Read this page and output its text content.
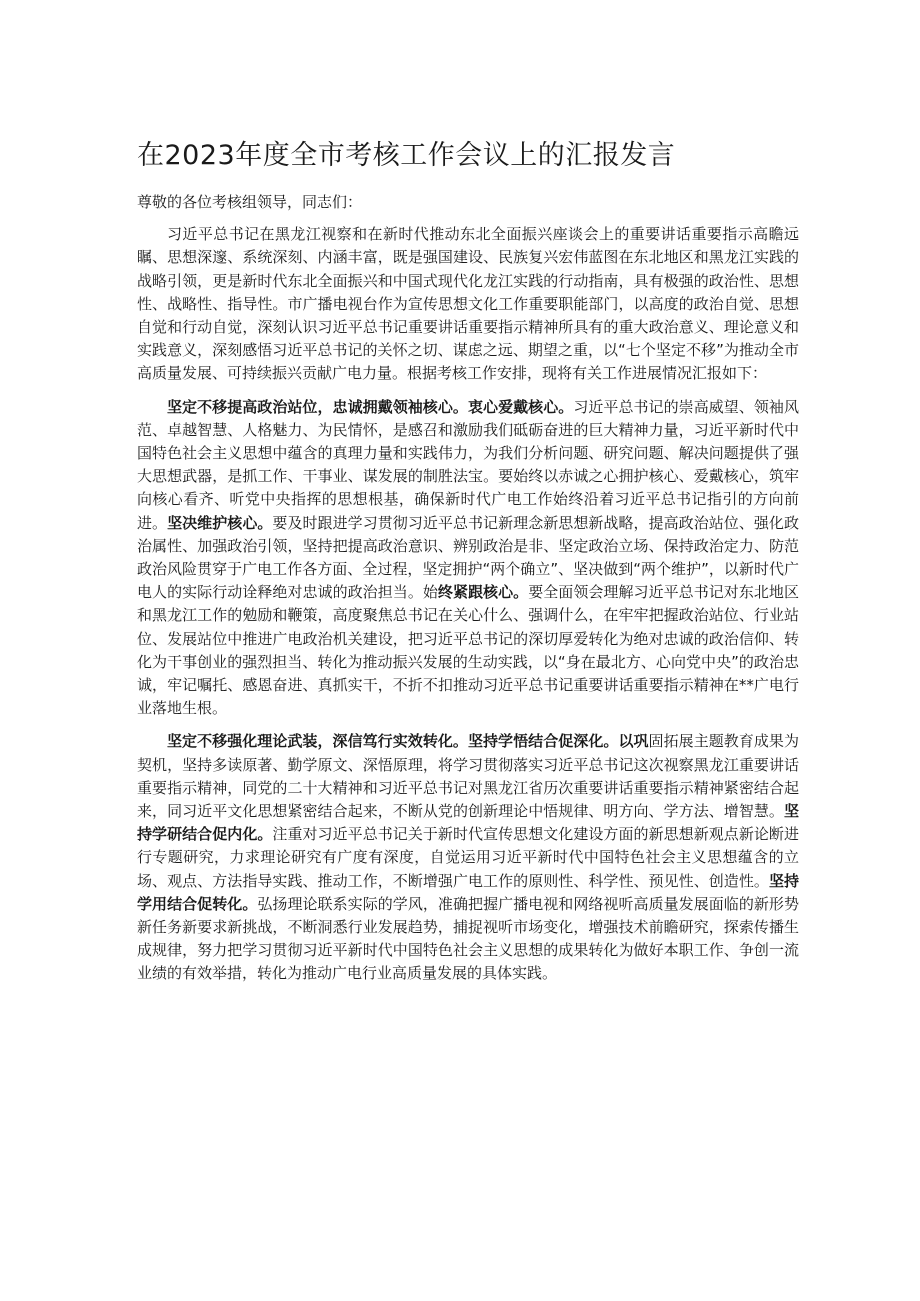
在2023年度全市考核工作会议上的汇报发言
尊敬的各位考核组领导，同志们：

习近平总书记在黑龙江视察和在新时代推动东北全面振兴座谈会上的重要讲话重要指示高瞻远瞩、思想深邃、系统深刻、内涵丰富，既是强国建设、民族复兴宏伟蓝图在东北地区和黑龙江实践的战略引领，更是新时代东北全面振兴和中国式现代化龙江实践的行动指南，具有极强的政治性、思想性、战略性、指导性。市广播电视台作为宣传思想文化工作重要职能部门，以高度的政治自觉、思想自觉和行动自觉，深刻认识习近平总书记重要讲话重要指示精神所具有的重大政治意义、理论意义和实践意义，深刻感悟习近平总书记的关怀之切、谋虑之远、期望之重，以“七个坚定不移”为推动全市高质量发展、可持续振兴贡献广电力量。根据考核工作安排，现将有关工作进展情况汇报如下：

坚定不移提高政治站位，忠诚拥戴领袖核心。衷心爱戴核心。习近平总书记的崇高威望、领袖风范、卓越智慧、人格魅力、为民情怀，是感召和激励我们砥砺奋进的巨大精神力量，习近平新时代中国特色社会主义思想中蕴含的真理力量和实践伟力，为我们分析问题、研究问题、解决问题提供了强大思想武器，是抓工作、干事业、谋发展的制胜法宝。要始终以赤诚之心拥护核心、爱戴核心，筑牢向核心看齐、听党中央指挥的思想根基，确保新时代广电工作始终沿着习近平总书记指引的方向前进。坚决维护核心。要及时跟进学习贯彻习近平总书记新理念新思想新战略，提高政治站位、强化政治属性、加强政治引领，坚持把提高政治意识、辨别政治是非、坚定政治立场、保持政治定力、防范政治风险贯穿于广电工作各方面、全过程，坚定拥护“两个确立”、坚决做到“两个维护”，以新时代广电人的实际行动诠释绝对忠诚的政治担当。始终紧跟核心。要全面领会理解习近平总书记对东北地区和黑龙江工作的勉励和鞭策，高度聚焦总书记在关心什么、强调什么，在牢牢把握政治站位、行业站位、发展站位中推进广电政治机关建设，把习近平总书记的深切厚爱转化为绝对忠诚的政治信仰、转化为干事创业的强烈担当、转化为推动振兴发展的生动实践，以“身在最北方、心向党中央”的政治忠诚，牢记嘱托、感恩奋进、真抓实干，不折不扣推动习近平总书记重要讲话重要指示精神在**广电行业落地生根。

坚定不移强化理论武装，深信笃行实效转化。坚持学悟结合促深化。以巩固拓展主题教育成果为契机，坚持多读原著、勤学原文、深悟原理，将学习贯彻落实习近平总书记这次视察黑龙江重要讲话重要指示精神，同党的二十大精神和习近平总书记对黑龙江省历次重要讲话重要指示精神紧密结合起来，同习近平文化思想紧密结合起来，不断从党的创新理论中悟规律、明方向、学方法、增智慧。坚持学研结合促内化。注重对习近平总书记关于新时代宣传思想文化建设方面的新思想新观点新论断进行专题研究，力求理论研究有广度有深度，自觉运用习近平新时代中国特色社会主义思想蕴含的立场、观点、方法指导实践、推动工作，不断增强广电工作的原则性、科学性、预见性、创造性。坚持学用结合促转化。弘扬理论联系实际的学风，准确把握广播电视和网络视听高质量发展面临的新形势新任务新要求新挑战，不断洞悉行业发展趋势，捕捉视听市场变化，增强技术前瞻研究，探索传播生成规律，努力把学习贯彻习近平新时代中国特色社会主义思想的成果转化为做好本职工作、争创一流业绩的有效举措，转化为推动广电行业高质量发展的具体实践。
